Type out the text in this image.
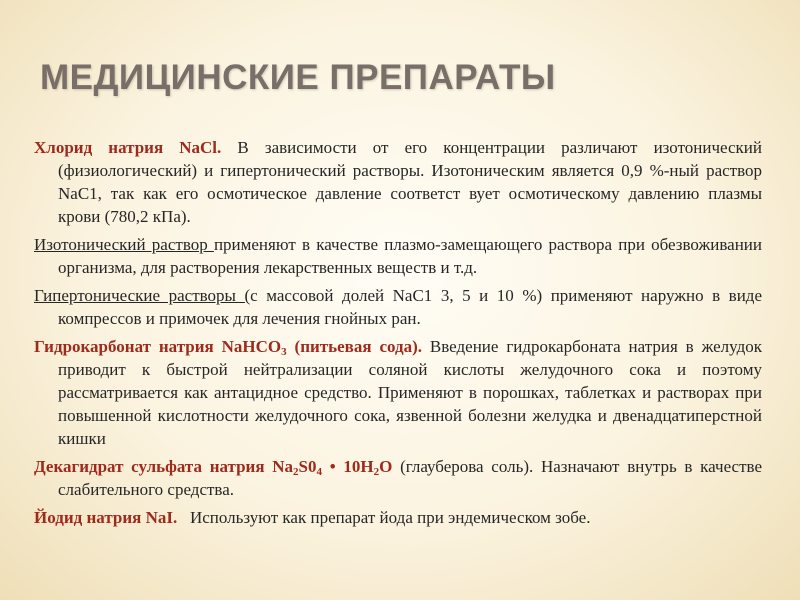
МЕДИЦИНСКИЕ ПРЕПАРАТЫ

Хлорид натрия NaCl. В зависимости от его концентрации различают изотонический (физиологический) и гипертонический растворы. Изотоническим является 0,9 %-ный раствор NaC1, так как его осмотическое давление соответст вует осмотическому давлению плазмы крови (780,2 кПа).

Изотонический раствор применяют в качестве плазмо-замещающего раствора при обезвоживании организма, для растворения лекарственных веществ и т.д.

Гипертонические растворы (с массовой долей NaC1 3, 5 и 10 %) применяют наружно в виде компрессов и примочек для лечения гнойных ран.

Гидрокарбонат натрия NaHCO$_3$ (питьевая сода). Введение гидрокарбоната натрия в желудок приводит к быстрой нейтрализации соляной кислоты желудочного сока и поэтому рассматривается как антацидное средство. Применяют в порошках, таблетках и растворах при повышенной кислотности желудочного сока, язвенной болезни желудка и двенадцатиперстной кишки

Декагидрат сульфата натрия $Na_2S0_4$ • $10H_2O$ (глауберова соль). Назначают внутрь в качестве слабительного средства.

Йодид натрия NaI.   Используют как препарат йода при эндемическом зобе.
